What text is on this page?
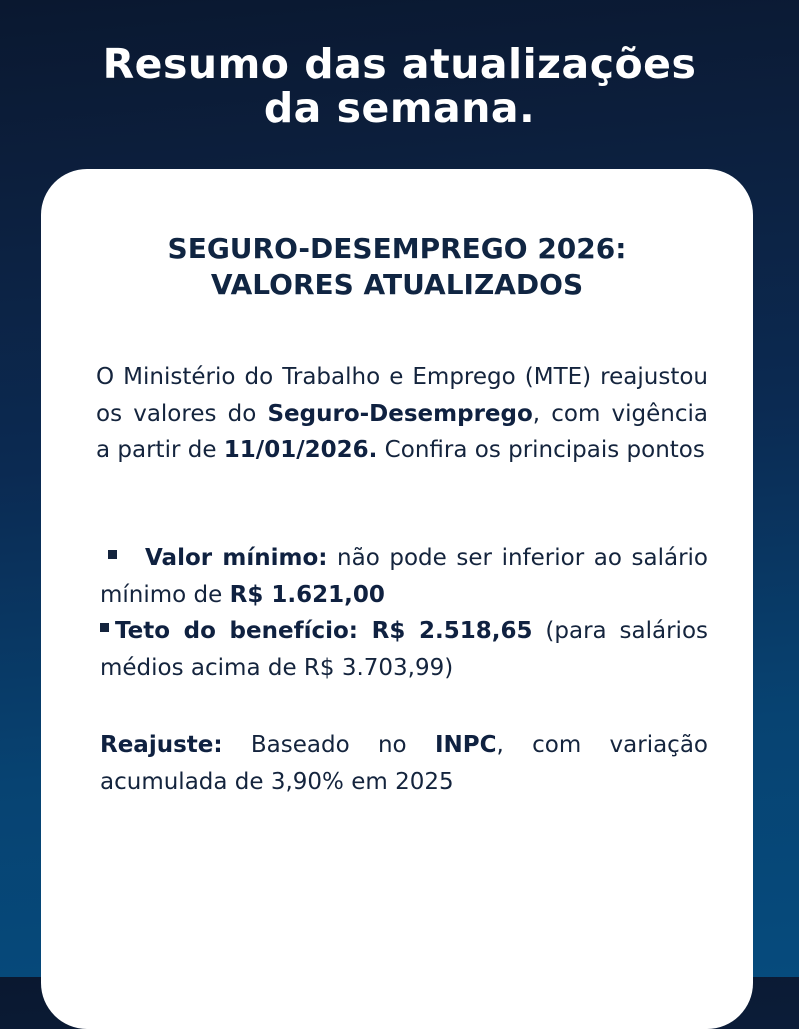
Resumo das atualizações
da semana.
SEGURO-DESEMPREGO 2026:
VALORES ATUALIZADOS

O Ministério do Trabalho e Emprego (MTE) reajustou os valores do Seguro-Desemprego, com vigência a partir de 11/01/2026. Confira os principais pontos

Valor mínimo: não pode ser inferior ao salário mínimo de R$ 1.621,00
Teto do benefício: R$ 2.518,65 (para salários médios acima de R$ 3.703,99)

Reajuste: Baseado no INPC, com variação acumulada de 3,90% em 2025
